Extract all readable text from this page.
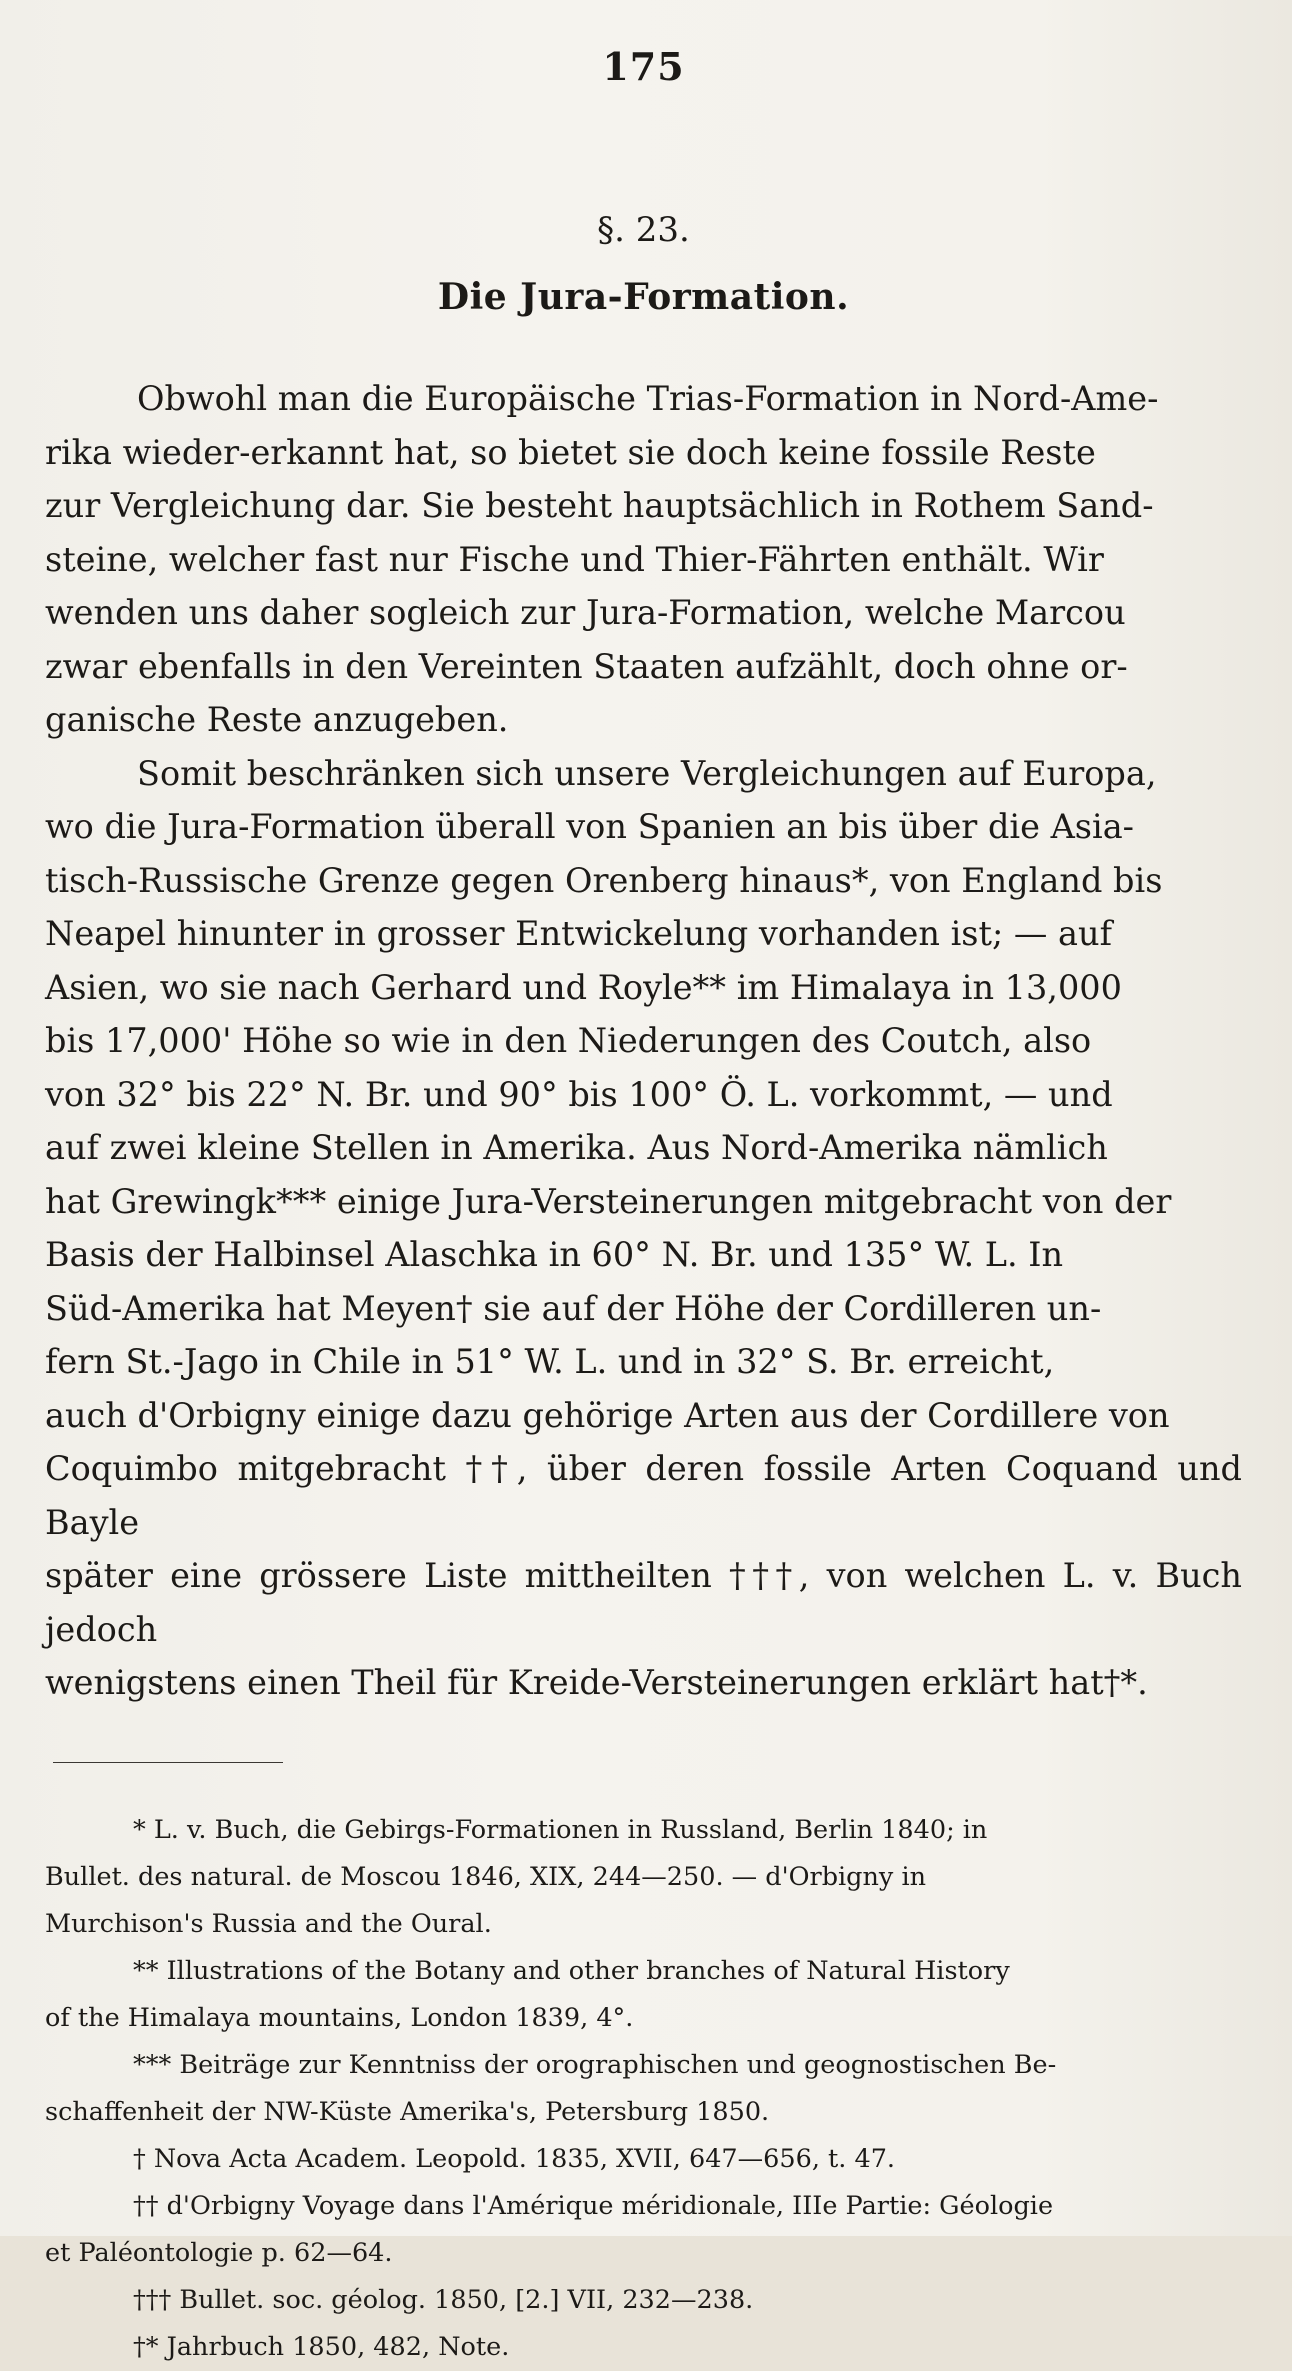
175
§. 23.
Die Jura-Formation.

Obwohl man die Europäische Trias-Formation in Nord-Ame-
rika wieder-erkannt hat, so bietet sie doch keine fossile Reste
zur Vergleichung dar. Sie besteht hauptsächlich in Rothem Sand-
steine, welcher fast nur Fische und Thier-Fährten enthält. Wir
wenden uns daher sogleich zur Jura-Formation, welche Marcou
zwar ebenfalls in den Vereinten Staaten aufzählt, doch ohne or-
ganische Reste anzugeben.

Somit beschränken sich unsere Vergleichungen auf Europa,
wo die Jura-Formation überall von Spanien an bis über die Asia-
tisch-Russische Grenze gegen Orenberg hinaus*, von England bis
Neapel hinunter in grosser Entwickelung vorhanden ist; — auf
Asien, wo sie nach Gerhard und Royle** im Himalaya in 13,000
bis 17,000' Höhe so wie in den Niederungen des Coutch, also
von 32° bis 22° N. Br. und 90° bis 100° Ö. L. vorkommt, — und
auf zwei kleine Stellen in Amerika. Aus Nord-Amerika nämlich
hat Grewingk*** einige Jura-Versteinerungen mitgebracht von der
Basis der Halbinsel Alaschka in 60° N. Br. und 135° W. L. In
Süd-Amerika hat Meyen† sie auf der Höhe der Cordilleren un-
fern St.-Jago in Chile in 51° W. L. und in 32° S. Br. erreicht,
auch d'Orbigny einige dazu gehörige Arten aus der Cordillere von
Coquimbo mitgebracht ††, über deren fossile Arten Coquand und Bayle
später eine grössere Liste mittheilten †††, von welchen L. v. Buch jedoch
wenigstens einen Theil für Kreide-Versteinerungen erklärt hat†*.

* L. v. Buch, die Gebirgs-Formationen in Russland, Berlin 1840; in
Bullet. des natural. de Moscou 1846, XIX, 244—250. — d'Orbigny in
Murchison's Russia and the Oural.
** Illustrations of the Botany and other branches of Natural History
of the Himalaya mountains, London 1839, 4°.
*** Beiträge zur Kenntniss der orographischen und geognostischen Be-
schaffenheit der NW-Küste Amerika's, Petersburg 1850.
† Nova Acta Academ. Leopold. 1835, XVII, 647—656, t. 47.
†† d'Orbigny Voyage dans l'Amérique méridionale, IIIe Partie: Géologie
et Paléontologie p. 62—64.
††† Bullet. soc. géolog. 1850, [2.] VII, 232—238.
†* Jahrbuch 1850, 482, Note.
